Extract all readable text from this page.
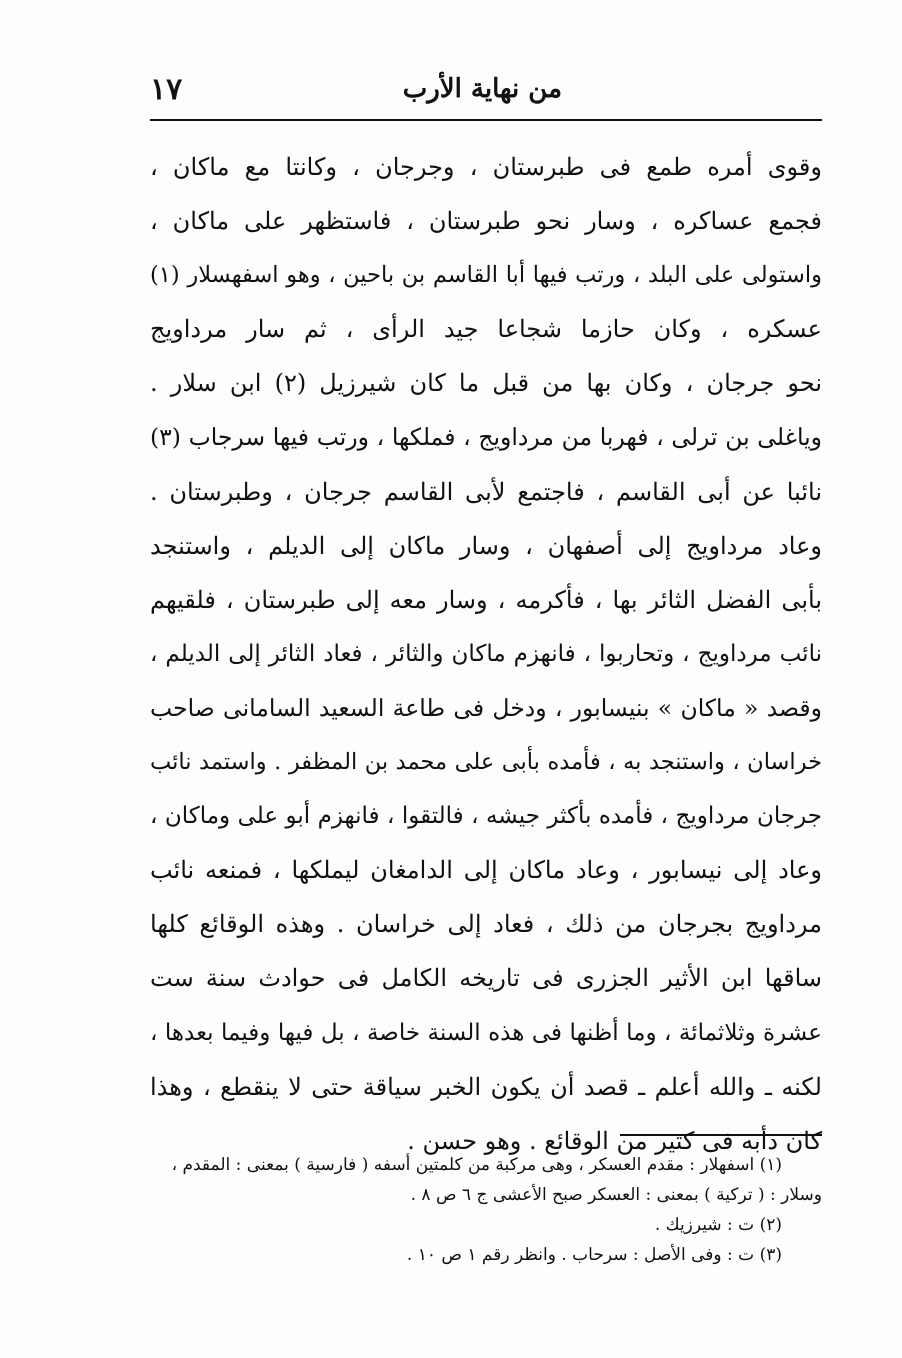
١٧	من نهاية الأرب
وقوى أمره طمع فى طبرستان ، وجرجان ، وكانتا مع ماكان ،
فجمع عساكره ، وسار نحو طبرستان ، فاستظهر على ماكان ،
واستولى على البلد ، ورتب فيها أبا القاسم بن باحين ، وهو اسفهسلار (١)
عسكره ، وكان حازما شجاعا جيد الرأى ، ثم سار مرداويج
نحو جرجان ، وكان بها من قبل ما كان شيرزيل (٢) ابن سلار .
وياغلى بن ترلى ، فهربا من مرداويج ، فملكها ، ورتب فيها سرجاب (٣)
نائبا عن أبى القاسم ، فاجتمع لأبى القاسم جرجان ، وطبرستان .
وعاد مرداويج إلى أصفهان ، وسار ماكان إلى الديلم ، واستنجد
بأبى الفضل الثائر بها ، فأكرمه ، وسار معه إلى طبرستان ، فلقيهم
نائب مرداويج ، وتحاربوا ، فانهزم ماكان والثائر ، فعاد الثائر إلى الديلم ،
وقصد « ماكان » بنيسابور ، ودخل فى طاعة السعيد السامانى صاحب
خراسان ، واستنجد به ، فأمده بأبى على محمد بن المظفر . واستمد نائب
جرجان مرداويج ، فأمده بأكثر جيشه ، فالتقوا ، فانهزم أبو على وماكان ،
وعاد إلى نيسابور ، وعاد ماكان إلى الدامغان ليملكها ، فمنعه نائب
مرداويج بجرجان من ذلك ، فعاد إلى خراسان . وهذه الوقائع كلها
ساقها ابن الأثير الجزرى فى تاريخه الكامل فى حوادث سنة ست
عشرة وثلاثمائة ، وما أظنها فى هذه السنة خاصة ، بل فيها وفيما بعدها ،
لكنه ـ والله أعلم ـ قصد أن يكون الخبر سياقة حتى لا ينقطع ، وهذا
كان دأبه فى كثير من الوقائع . وهو حسن .
(١) اسفهلار : مقدم العسكر ، وهى مركبة من كلمتين أسفه ( فارسية ) بمعنى : المقدم ،
وسلار : ( تركية ) بمعنى : العسكر صبح الأعشى ج ٦ ص ٨ .
(٢) ت : شيرزيك .
(٣) ت : وفى الأصل : سرحاب . وانظر رقم ١ ص ١٠ .
